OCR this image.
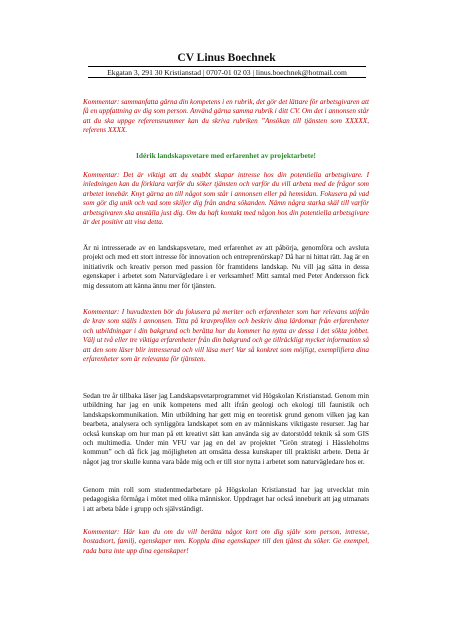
CV Linus Boechnek

Ekgatan 3, 291 30 Kristianstad | 0707-01 02 03 | linus.boechnek@hotmail.com

Kommentar: sammanfatta gärna din kompetens i en rubrik, det gör det lättare för arbetsgivaren att få en uppfattning av dig som person. Använd gärna samma rubrik i ditt CV. Om det i annonsen står att du ska uppge referensnummer kan du skriva rubriken ”Ansökan till tjänsten som XXXXX, referens XXXX.

Idérik landskapsvetare med erfarenhet av projektarbete!

Kommentar: Det är viktigt att du snabbt skapar intresse hos din potentiella arbetsgivare. I inledningen kan du förklara varför du söker tjänsten och varför du vill arbeta med de frågor som arbetet innebär. Knyt gärna an till något som står i annonsen eller på hemsidan. Fokusera på vad som gör dig unik och vad som skiljer dig från andra sökanden. Nämn några starka skäl till varför arbetsgivaren ska anställa just dig. Om du haft kontakt med någon hos din potentiella arbetsgivare är det positivt att visa detta.

Är ni intresserade av en landskapsvetare, med erfarenhet av att påbörja, genomföra och avsluta projekt och med ett stort intresse för innovation och entreprenörskap? Då har ni hittat rätt. Jag är en initiativrik och kreativ person med passion för framtidens landskap. Nu vill jag sätta in dessa egenskaper i arbetet som Naturvägledare i er verksamhet! Mitt samtal med Peter Andersson fick mig dessutom att känna ännu mer för tjänsten.

Kommentar: I huvudtexten bör du fokusera på meriter och erfarenheter som har relevans utifrån de krav som ställs i annonsen. Titta på kravprofilen och beskriv dina lärdomar från erfarenheter och utbildningar i din bakgrund och berätta hur du kommer ha nytta av dessa i det sökta jobbet. Välj ut två eller tre viktiga erfarenheter från din bakgrund och ge tillräckligt mycket information så att den som läser blir intresserad och vill läsa mer! Var så konkret som möjligt, exemplifiera dina erfarenheter som är relevanta för tjänsten.

Sedan tre år tillbaka läser jag Landskapsvetarprogrammet vid Högskolan Kristianstad. Genom min utbildning har jag en unik kompetens med allt ifrån geologi och ekologi till faunistik och landskapskommunikation. Min utbildning har gett mig en teoretisk grund genom vilken jag kan bearbeta, analysera och synliggöra landskapet som en av människans viktigaste resurser. Jag har också kunskap om hur man på ett kreativt sätt kan använda sig av datorstödd teknik så som GIS och multimedia. Under min VFU var jag en del av projektet ”Grön strategi i Hässleholms kommun” och då fick jag möjligheten att omsätta dessa kunskaper till praktiskt arbete. Detta är något jag tror skulle kunna vara både mig och er till stor nytta i arbetet som naturvägledare hos er.

Genom min roll som studentmedarbetare på Högskolan Kristianstad har jag utvecklat min pedagogiska förmåga i mötet med olika människor. Uppdraget har också inneburit att jag utmanats i att arbeta både i grupp och självständigt.

Kommentar: Här kan du om du vill berätta något kort om dig själv som person, intresse, bostadsort, familj, egenskaper mm. Koppla dina egenskaper till den tjänst du söker. Ge exempel, rada bara inte upp dina egenskaper!
